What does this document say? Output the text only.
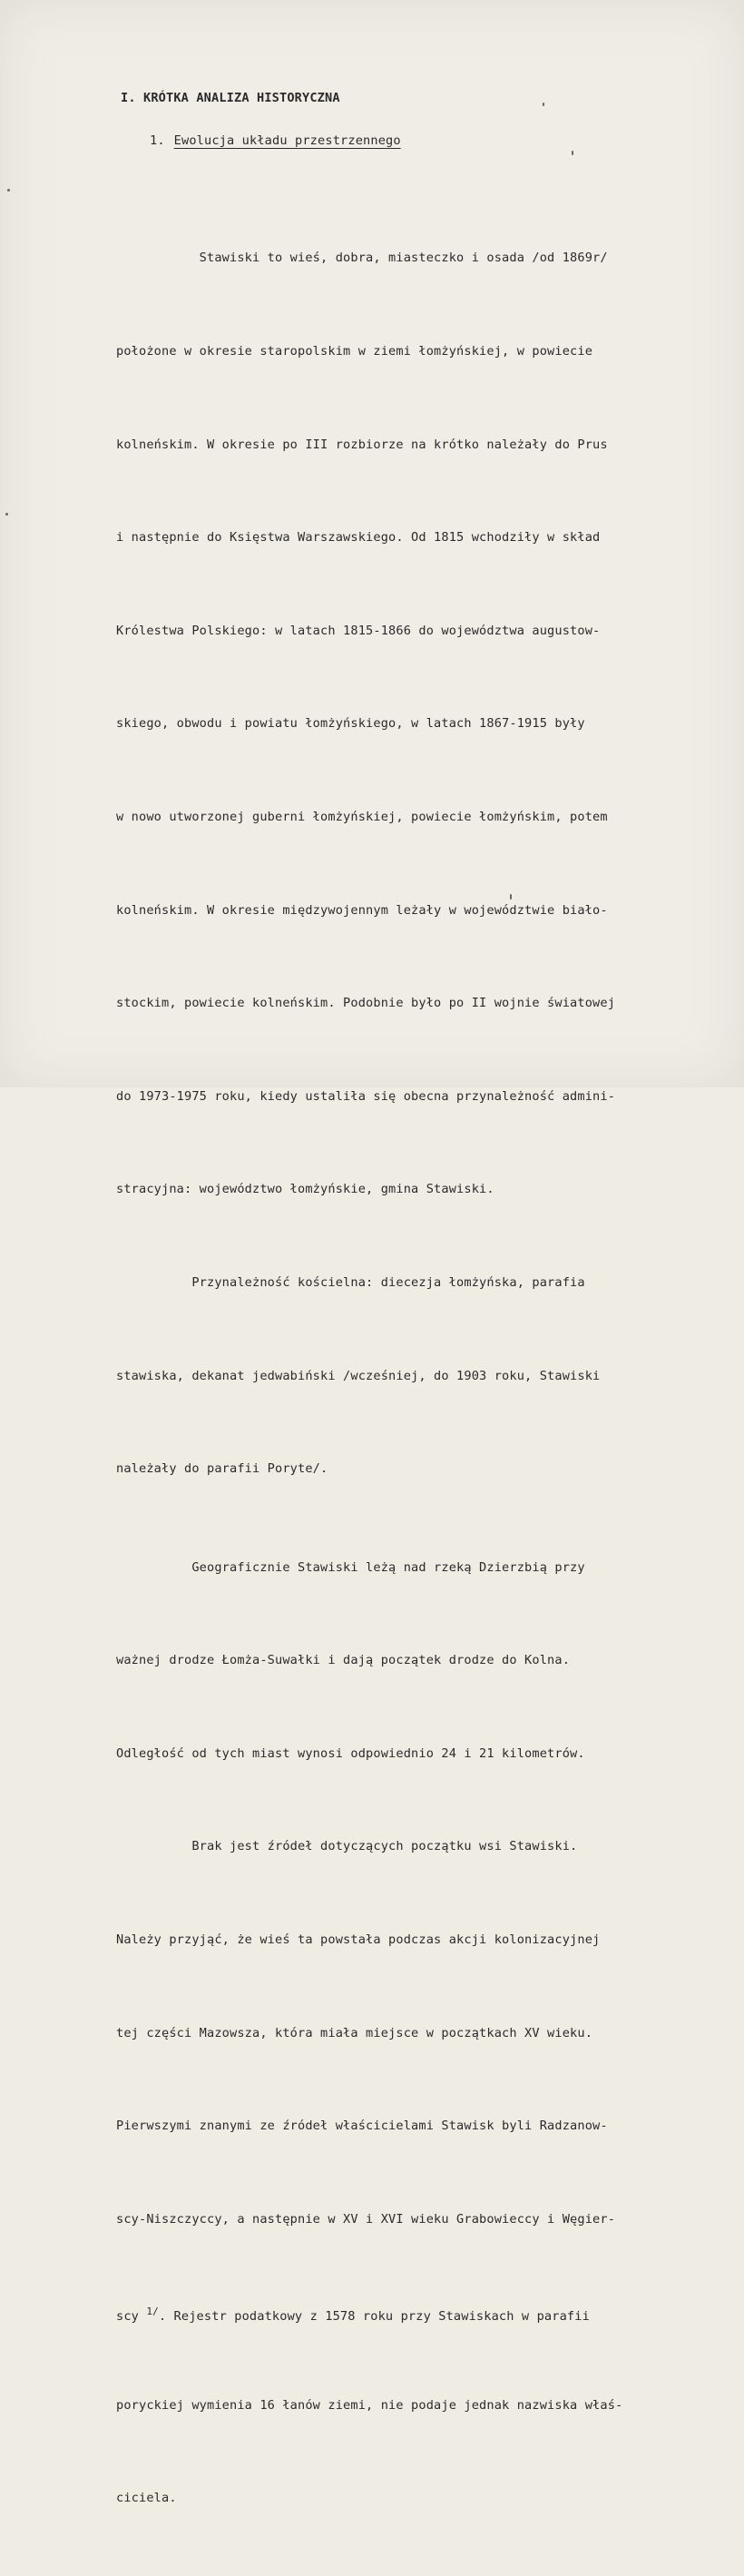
I. KRÓTKA ANALIZA HISTORYCZNA
1. Ewolucja układu przestrzennego

Stawiski to wieś, dobra, miasteczko i osada /od 1869r/

położone w okresie staropolskim w ziemi łomżyńskiej, w powiecie

kolneńskim. W okresie po III rozbiorze na krótko należały do Prus

i następnie do Księstwa Warszawskiego. Od 1815 wchodziły w skład

Królestwa Polskiego: w latach 1815-1866 do województwa augustow-

skiego, obwodu i powiatu łomżyńskiego, w latach 1867-1915 były

w nowo utworzonej guberni łomżyńskiej, powiecie łomżyńskim, potem

kolneńskim. W okresie międzywojennym leżały w województwie biało-

stockim, powiecie kolneńskim. Podobnie było po II wojnie światowej

do 1973-1975 roku, kiedy ustaliła się obecna przynależność admini-

stracyjna: województwo łomżyńskie, gmina Stawiski.

Przynależność kościelna: diecezja łomżyńska, parafia

stawiska, dekanat jedwabiński /wcześniej, do 1903 roku, Stawiski

należały do parafii Poryte/.

Geograficznie Stawiski leżą nad rzeką Dzierzbią przy

ważnej drodze Łomża-Suwałki i dają początek drodze do Kolna.

Odległość od tych miast wynosi odpowiednio 24 i 21 kilometrów.

Brak jest źródeł dotyczących początku wsi Stawiski.

Należy przyjąć, że wieś ta powstała podczas akcji kolonizacyjnej

tej części Mazowsza, która miała miejsce w początkach XV wieku.

Pierwszymi znanymi ze źródeł właścicielami Stawisk byli Radzanow-

scy-Niszczyccy, a następnie w XV i XVI wieku Grabowieccy i Węgier-

scy $^{1/}$. Rejestr podatkowy z 1578 roku przy Stawiskach w parafii

poryckiej wymienia 16 łanów ziemi, nie podaje jednak nazwiska właś-

ciciela.
